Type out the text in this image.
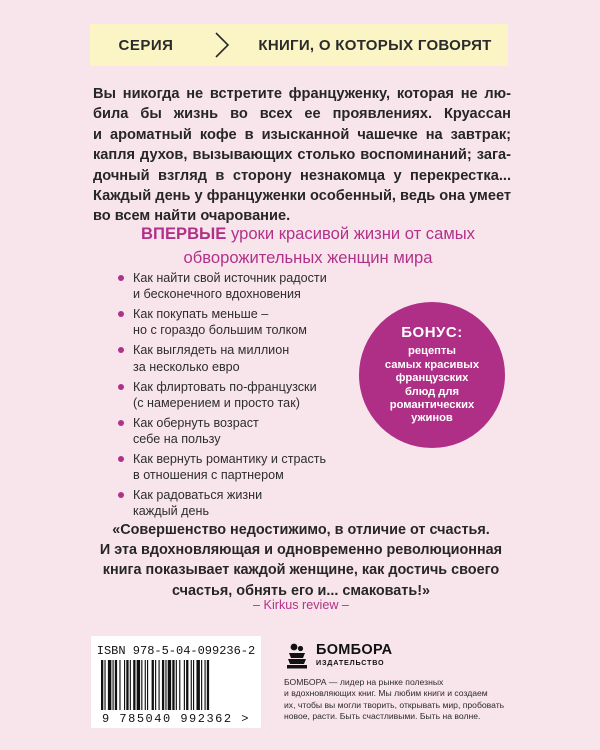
СЕРИЯ	КНИГИ, О КОТОРЫХ ГОВОРЯТ
Вы никогда не встретите француженку, которая не лю-
била бы жизнь во всех ее проявлениях. Круассан
и ароматный кофе в изысканной чашечке на завтрак;
капля духов, вызывающих столько воспоминаний; зага-
дочный взгляд в сторону незнакомца у перекрестка...
Каждый день у француженки особенный, ведь она умеет
во всем найти очарование.
ВПЕРВЫЕ уроки красивой жизни от самых
обворожительных женщин мира
Как найти свой источник радости
и бесконечного вдохновения
Как покупать меньше –
но с гораздо большим толком
Как выглядеть на миллион
за несколько евро
Как флиртовать по-французски
(с намерением и просто так)
Как обернуть возраст
себе на пользу
Как вернуть романтику и страсть
в отношения с партнером
Как радоваться жизни
каждый день
БОНУС:
рецепты
самых красивых
французских
блюд для
романтических
ужинов
«Совершенство недостижимо, в отличие от счастья.
И эта вдохновляющая и одновременно революционная
книга показывает каждой женщине, как достичь своего
счастья, обнять его и... смаковать!»
– Kirkus review –
ISBN 978-5-04-099236-2
9 785040 992362 >
БОМБОРА
ИЗДАТЕЛЬСТВО
БОМБОРА — лидер на рынке полезных
и вдохновляющих книг. Мы любим книги и создаем
их, чтобы вы могли творить, открывать мир, пробовать
новое, расти. Быть счастливыми. Быть на волне.
